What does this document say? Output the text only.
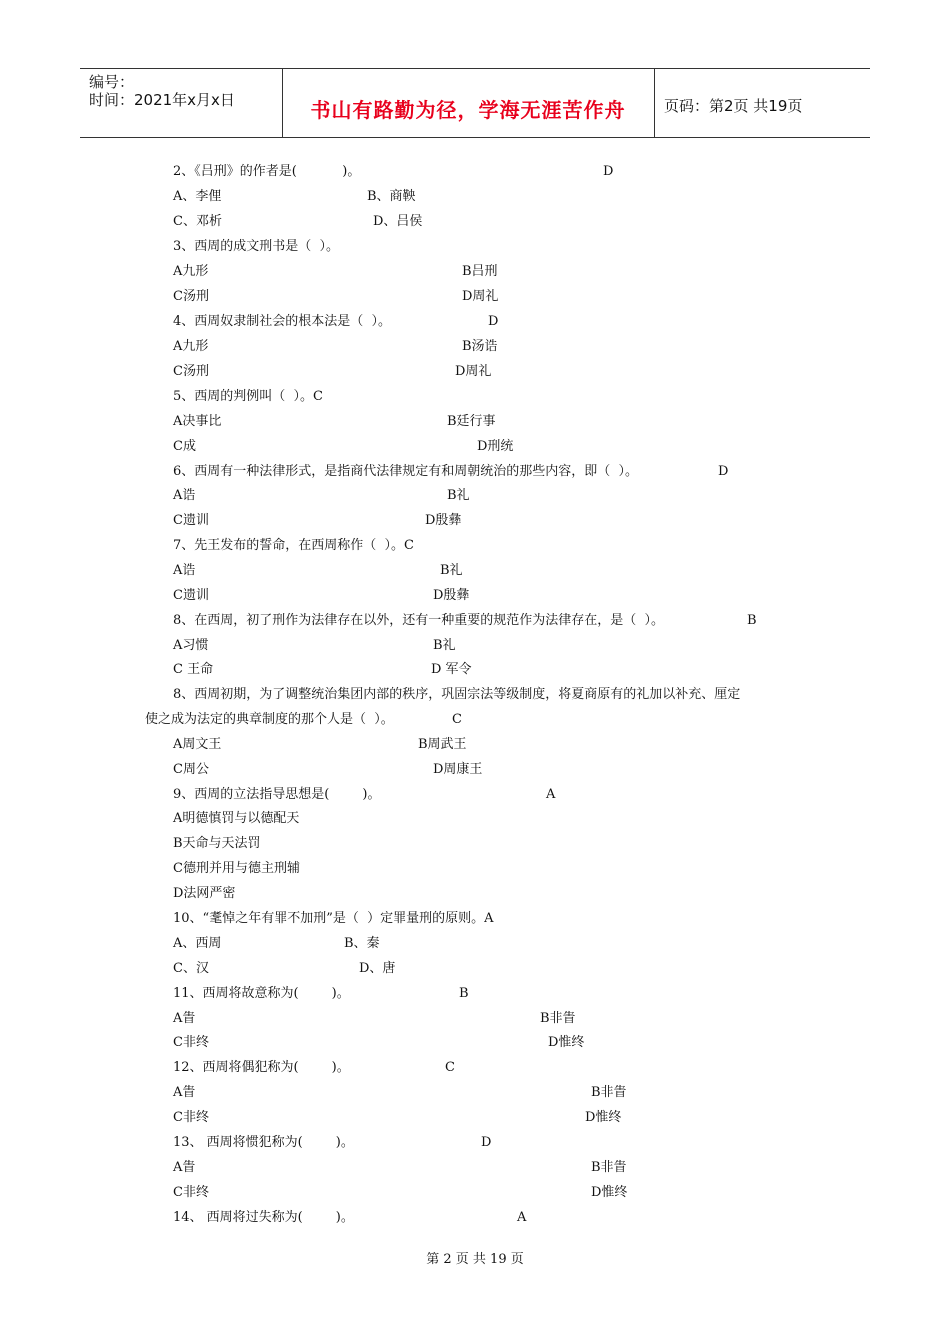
编号：
时间：2021年x月x日	书山有路勤为径，学海无涯苦作舟	页码：第2页 共19页
2、《吕刑》的作者是(           )。	D
A、李俚	B、商鞅
C、邓析	D、吕侯
3、西周的成文刑书是（  ）。
A九形	B吕刑
C汤刑	D周礼
4、西周奴隶制社会的根本法是（  ）。	D
A九形	B汤诰
C汤刑	D周礼
5、西周的判例叫（  ）。C
A决事比	B廷行事
C成	D刑统
6、西周有一种法律形式，是指商代法律规定有和周朝统治的那些内容，即（  ）。	D
A诰	B礼
C遗训	D殷彝
7、先王发布的誓命，在西周称作（  ）。C
A诰	B礼
C遗训	D殷彝
8、在西周，初了刑作为法律存在以外，还有一种重要的规范作为法律存在，是（  ）。	B
A习惯	B礼
C 王命	D 军令
8、西周初期，为了调整统治集团内部的秩序，巩固宗法等级制度，将夏商原有的礼加以补充、厘定
使之成为法定的典章制度的那个人是（  ）。	C
A周文王	B周武王
C周公	D周康王
9、西周的立法指导思想是(        )。	A
A明德慎罚与以德配天
B天命与天法罚
C德刑并用与德主刑辅
D法网严密
10、“耄悼之年有罪不加刑”是（  ）定罪量刑的原则。A
A、西周	B、秦
C、汉	D、唐
11、西周将故意称为(        )。	B
A眚	B非眚
C非终	D惟终
12、西周将偶犯称为(        )。	C
A眚	B非眚
C非终	D惟终
13、 西周将惯犯称为(        )。	D
A眚	B非眚
C非终	D惟终
14、 西周将过失称为(        )。	A
第 2 页 共 19 页
